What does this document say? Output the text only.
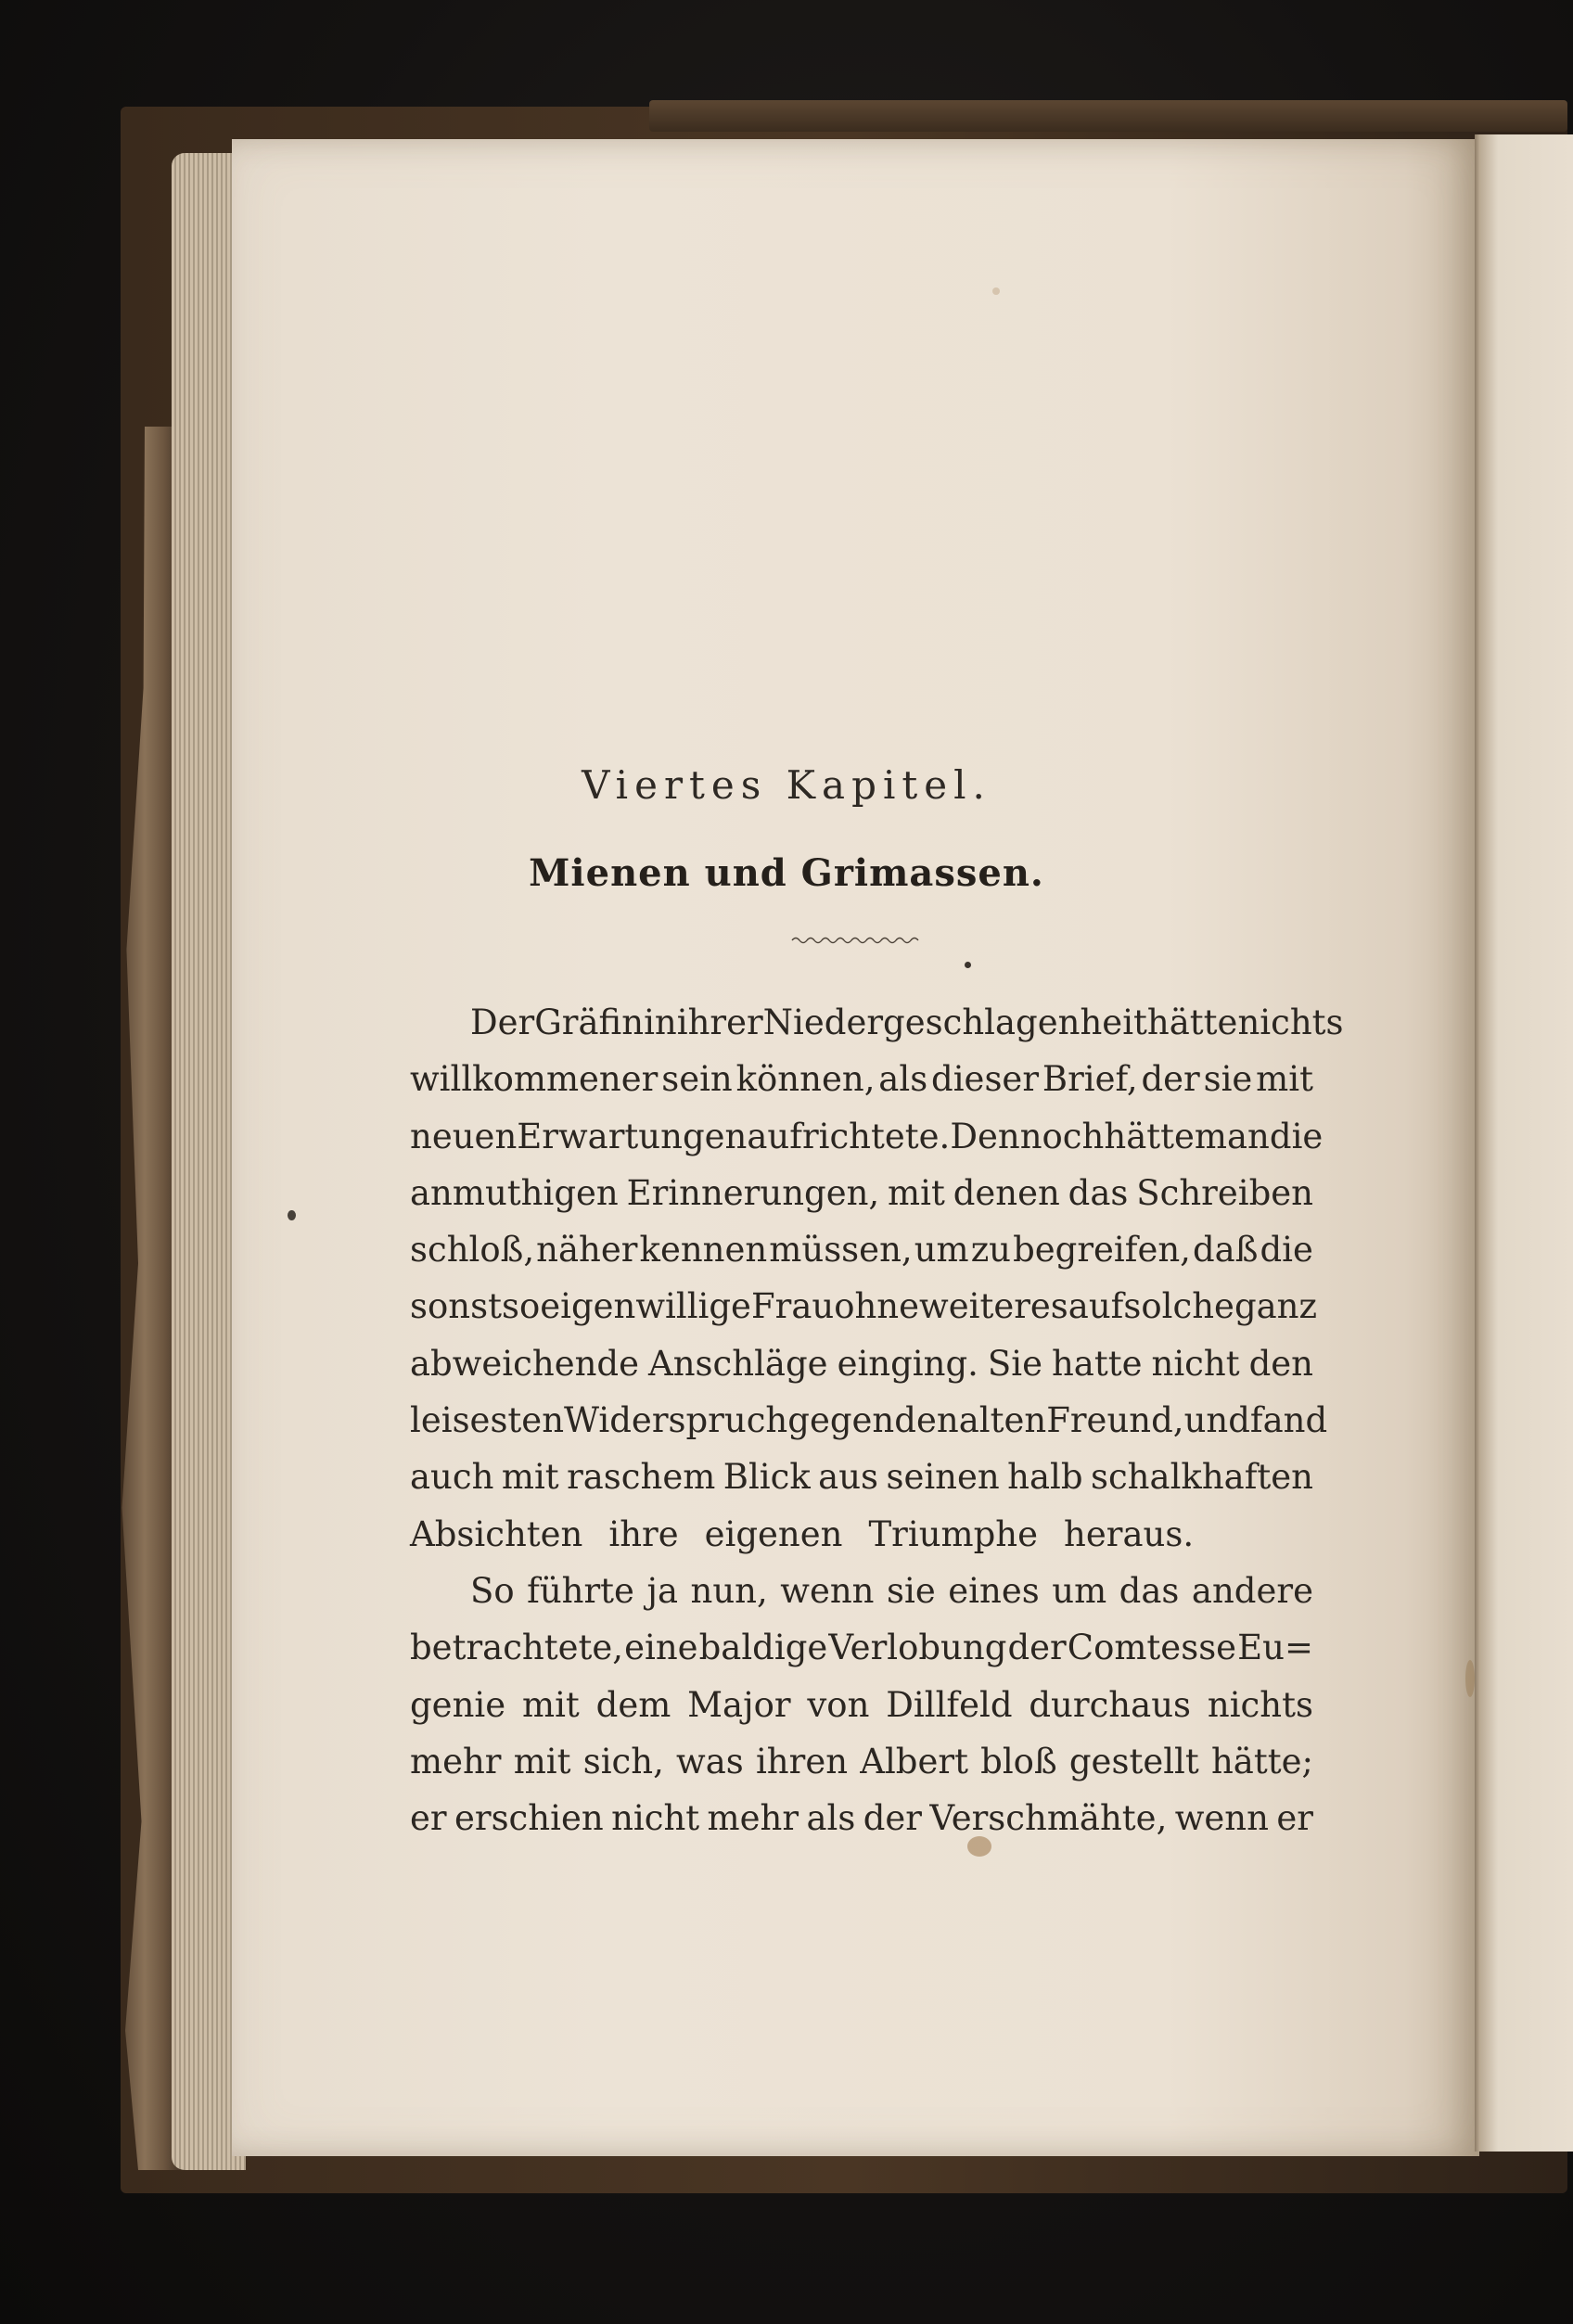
Viertes Kapitel.
Mienen und Grimassen.
Der Gräfin in ihrer Niedergeschlagenheit hätte nichts
willkommener sein können, als dieser Brief, der sie mit
neuen Erwartungen aufrichtete. Dennoch hätte man die
anmuthigen Erinnerungen, mit denen das Schreiben
schloß, näher kennen müssen, um zu begreifen, daß die
sonst so eigenwillige Frau ohne weiteres auf solche ganz
abweichende Anschläge einging. Sie hatte nicht den
leisesten Widerspruch gegen den alten Freund, und fand
auch mit raschem Blick aus seinen halb schalkhaften
Absichten ihre eigenen Triumphe heraus.
So führte ja nun, wenn sie eines um das andere
betrachtete, eine baldige Verlobung der Comtesse Eu=
genie mit dem Major von Dillfeld durchaus nichts
mehr mit sich, was ihren Albert bloß gestellt hätte;
er erschien nicht mehr als der Verschmähte, wenn er
